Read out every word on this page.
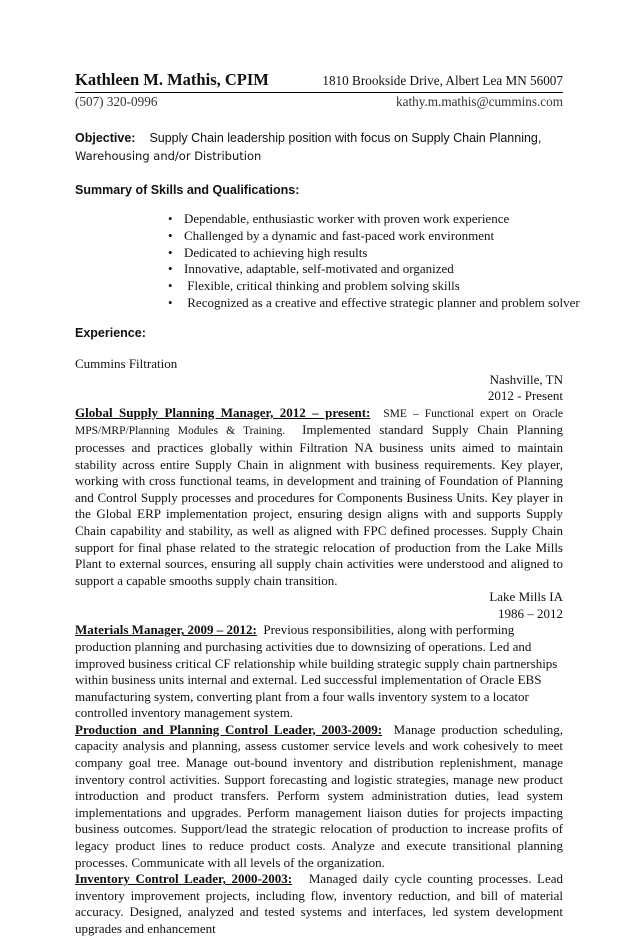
Kathleen M. Mathis, CPIM	1810 Brookside Drive, Albert Lea MN 56007
(507) 320-0996	kathy.m.mathis@cummins.com
Objective: Supply Chain leadership position with focus on Supply Chain Planning, Warehousing and/or Distribution
Summary of Skills and Qualifications:
• Dependable, enthusiastic worker with proven work experience
• Challenged by a dynamic and fast-paced work environment
• Dedicated to achieving high results
• Innovative, adaptable, self-motivated and organized
•  Flexible, critical thinking and problem solving skills
•  Recognized as a creative and effective strategic planner and problem solver
Experience:
Cummins Filtration
Nashville, TN
2012 - Present
Global Supply Planning Manager, 2012 – present: SME – Functional expert on Oracle MPS/MRP/Planning Modules & Training. Implemented standard Supply Chain Planning processes and practices globally within Filtration NA business units aimed to maintain stability across entire Supply Chain in alignment with business requirements. Key player, working with cross functional teams, in development and training of Foundation of Planning and Control Supply processes and procedures for Components Business Units. Key player in the Global ERP implementation project, ensuring design aligns with and supports Supply Chain capability and stability, as well as aligned with FPC defined processes. Supply Chain support for final phase related to the strategic relocation of production from the Lake Mills Plant to external sources, ensuring all supply chain activities were understood and aligned to support a capable smooths supply chain transition.
Lake Mills IA
1986 – 2012
Materials Manager, 2009 – 2012: Previous responsibilities, along with performing production planning and purchasing activities due to downsizing of operations. Led and improved business critical CF relationship while building strategic supply chain partnerships within business units internal and external. Led successful implementation of Oracle EBS manufacturing system, converting plant from a four walls inventory system to a locator controlled inventory management system.
Production and Planning Control Leader, 2003-2009: Manage production scheduling, capacity analysis and planning, assess customer service levels and work cohesively to meet company goal tree. Manage out-bound inventory and distribution replenishment, manage inventory control activities. Support forecasting and logistic strategies, manage new product introduction and product transfers. Perform system administration duties, lead system implementations and upgrades. Perform management liaison duties for projects impacting business outcomes. Support/lead the strategic relocation of production to increase profits of legacy product lines to reduce product costs. Analyze and execute transitional planning processes. Communicate with all levels of the organization.
Inventory Control Leader, 2000-2003: Managed daily cycle counting processes. Lead inventory improvement projects, including flow, inventory reduction, and bill of material accuracy. Designed, analyzed and tested systems and interfaces, led system development upgrades and enhancement
